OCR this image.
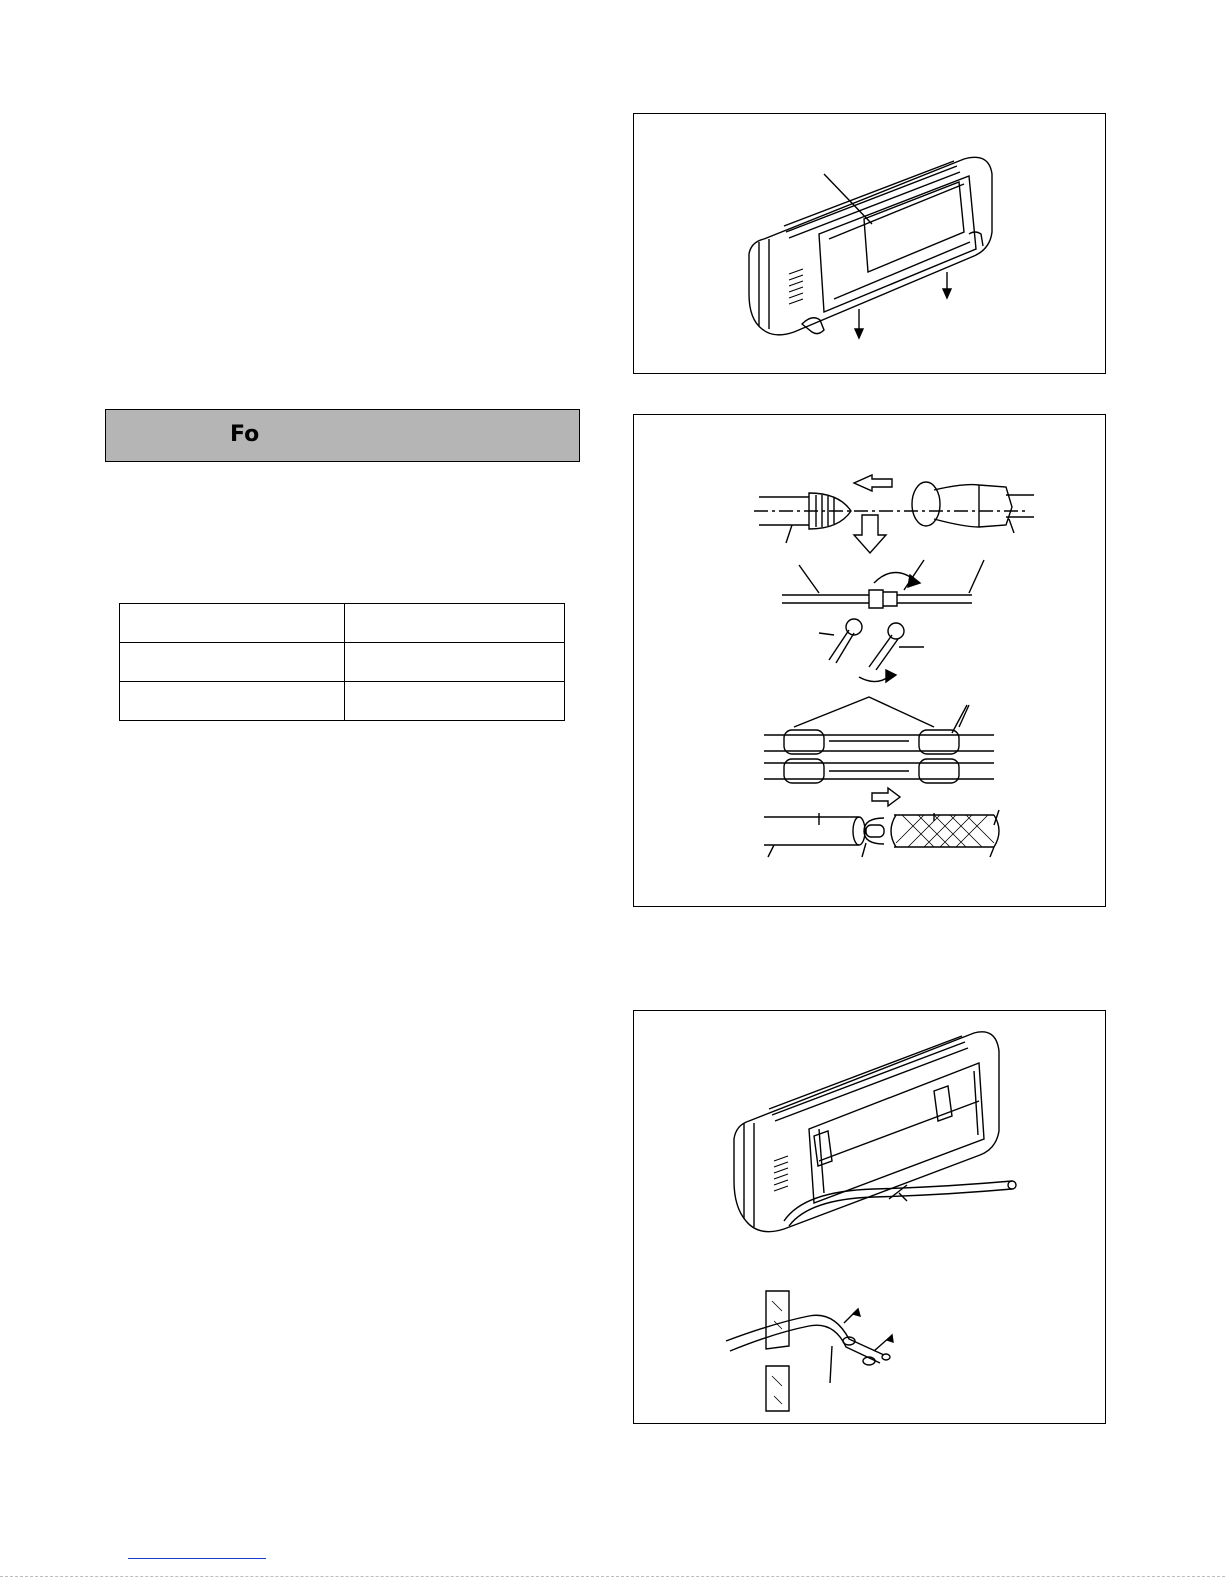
Fo
